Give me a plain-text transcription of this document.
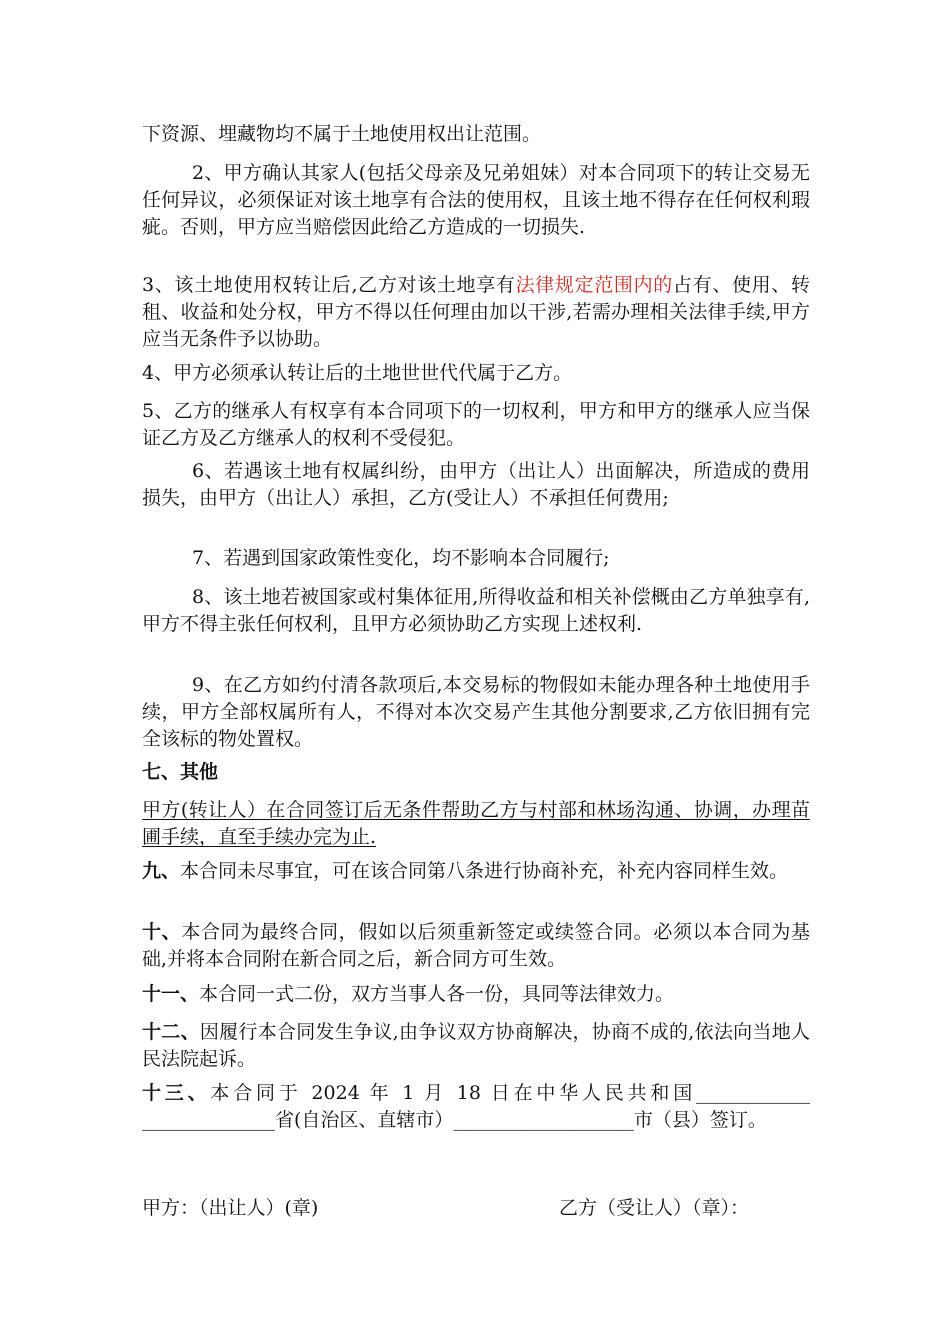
下资源、埋藏物均不属于土地使用权出让范围。

2、甲方确认其家人(包括父母亲及兄弟姐妹）对本合同项下的转让交易无任何异议，必须保证对该土地享有合法的使用权，且该土地不得存在任何权利瑕疵。否则，甲方应当赔偿因此给乙方造成的一切损失.

3、该土地使用权转让后,乙方对该土地享有法律规定范围内的占有、使用、转租、收益和处分权，甲方不得以任何理由加以干涉,若需办理相关法律手续,甲方应当无条件予以协助。

4、甲方必须承认转让后的土地世世代代属于乙方。

5、乙方的继承人有权享有本合同项下的一切权利，甲方和甲方的继承人应当保证乙方及乙方继承人的权利不受侵犯。

6、若遇该土地有权属纠纷，由甲方（出让人）出面解决，所造成的费用损失，由甲方（出让人）承担，乙方(受让人）不承担任何费用;

7、若遇到国家政策性变化，均不影响本合同履行;

8、该土地若被国家或村集体征用,所得收益和相关补偿概由乙方单独享有,甲方不得主张任何权利，且甲方必须协助乙方实现上述权利.

9、在乙方如约付清各款项后,本交易标的物假如未能办理各种土地使用手续，甲方全部权属所有人，不得对本次交易产生其他分割要求,乙方依旧拥有完全该标的物处置权。

七、其他

甲方(转让人）在合同签订后无条件帮助乙方与村部和林场沟通、协调，办理苗圃手续，直至手续办完为止.

九、本合同未尽事宜，可在该合同第八条进行协商补充，补充内容同样生效。

十、本合同为最终合同，假如以后须重新签定或续签合同。必须以本合同为基础,并将本合同附在新合同之后，新合同方可生效。

十一、本合同一式二份，双方当事人各一份，具同等法律效力。

十二、因履行本合同发生争议,由争议双方协商解决，协商不成的,依法向当地人民法院起诉。

十三、本合同于 2024 年 1 月 18 日在中华人民共和国____________ ______________省(自治区、直辖市）___________________市（县）签订。

甲方：（出让人）(章)	乙方（受让人）（章）：
